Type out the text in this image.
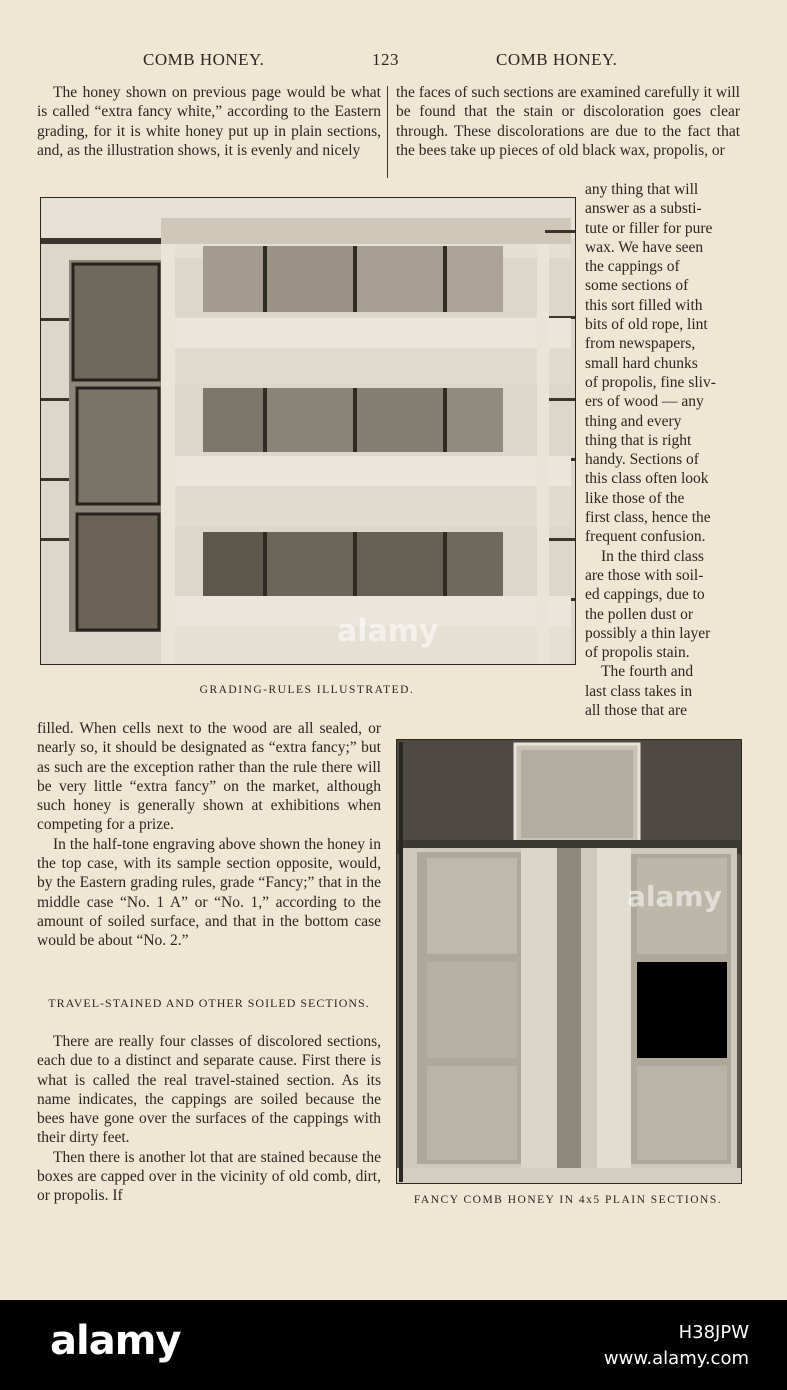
COMB HONEY.	123	COMB HONEY.

The honey shown on previous page would be what is called “extra fancy white,” according to the Eastern grading, for it is white honey put up in plain sections, and, as the illustration shows, it is evenly and nicely

the faces of such sections are examined carefully it will be found that the stain or discoloration goes clear through. These discolorations are due to the fact that the bees take up pieces of old black wax, propolis, or

alamy
GRADING-RULES ILLUSTRATED.

any thing that will

answer as a substi-

tute or filler for pure

wax. We have seen

the cappings of

some sections of

this sort filled with

bits of old rope, lint

from newspapers,

small hard chunks

of propolis, fine sliv-

ers of wood — any

thing and every

thing that is right

handy. Sections of

this class often look

like those of the

first class, hence the

frequent confusion.

In the third class

are those with soil-

ed cappings, due to

the pollen dust or

possibly a thin layer

of propolis stain.

The fourth and

last class takes in

all those that are

filled. When cells next to the wood are all sealed, or nearly so, it should be designated as “extra fancy;” but as such are the exception rather than the rule there will be very little “extra fancy” on the market, although such honey is generally shown at exhibitions when competing for a prize.

In the half-tone engraving above shown the honey in the top case, with its sample section opposite, would, by the Eastern grading rules, grade “Fancy;” that in the middle case “No. 1 A” or “No. 1,” according to the amount of soiled surface, and that in the bottom case would be about “No. 2.”

TRAVEL-STAINED AND OTHER SOILED SECTIONS.

There are really four classes of discolored sections, each due to a distinct and separate cause. First there is what is called the real travel-stained section. As its name indicates, the cappings are soiled because the bees have gone over the surfaces of the cappings with their dirty feet.

Then there is another lot that are stained because the boxes are capped over in the vicinity of old comb, dirt, or propolis. If

alamy
FANCY COMB HONEY IN 4x5 PLAIN SECTIONS.
alamy	H38JPW
www.alamy.com
